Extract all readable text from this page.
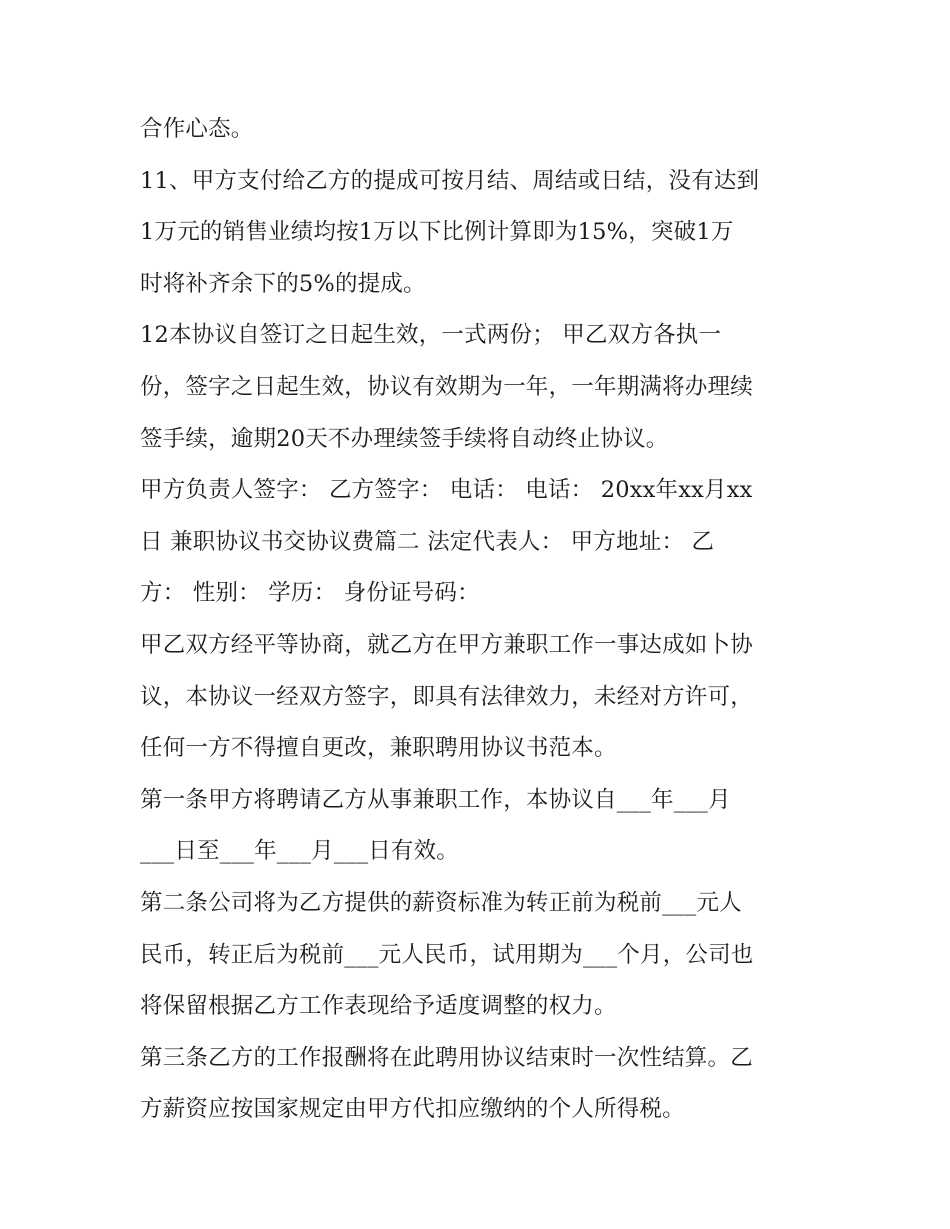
合作心态。
11、甲方支付给乙方的提成可按月结、周结或日结，没有达到
1万元的销售业绩均按1万以下比例计算即为15%，突破1万
时将补齐余下的5%的提成。
12本协议自签订之日起生效，一式两份； 甲乙双方各执一
份，签字之日起生效，协议有效期为一年，一年期满将办理续
签手续，逾期20天不办理续签手续将自动终止协议。
甲方负责人签字： 乙方签字： 电话： 电话： 20xx年xx月xx
日 兼职协议书交协议费篇二 法定代表人： 甲方地址： 乙
方： 性别： 学历： 身份证号码：
甲乙双方经平等协商，就乙方在甲方兼职工作一事达成如卜协
议，本协议一经双方签字，即具有法律效力，未经对方许可，
任何一方不得擅自更改，兼职聘用协议书范本。
第一条甲方将聘请乙方从事兼职工作，本协议自___年___月
___日至___年___月___日有效。
第二条公司将为乙方提供的薪资标准为转正前为税前___元人
民币，转正后为税前___元人民币，试用期为___个月，公司也
将保留根据乙方工作表现给予适度调整的权力。
第三条乙方的工作报酬将在此聘用协议结束时一次性结算。乙
方薪资应按国家规定由甲方代扣应缴纳的个人所得税。
